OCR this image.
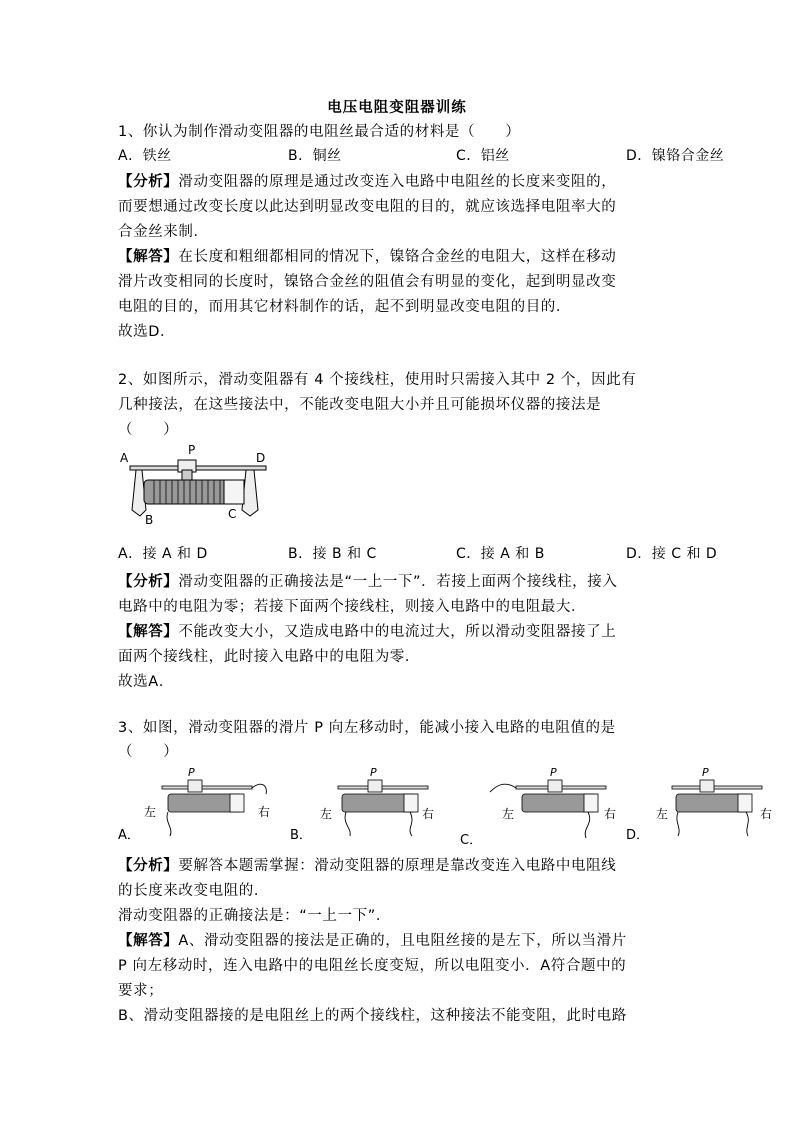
电压电阻变阻器训练
1、你认为制作滑动变阻器的电阻丝最合适的材料是（　　）
A．铁丝	B．铜丝	C．铝丝	D．镍铬合金丝
【分析】滑动变阻器的原理是通过改变连入电路中电阻丝的长度来变阻的，
而要想通过改变长度以此达到明显改变电阻的目的，就应该选择电阻率大的
合金丝来制．
【解答】在长度和粗细都相同的情况下，镍铬合金丝的电阻大，这样在移动
滑片改变相同的长度时，镍铬合金丝的阻值会有明显的变化，起到明显改变
电阻的目的，而用其它材料制作的话，起不到明显改变电阻的目的．
故选D．
2、如图所示，滑动变阻器有 4 个接线柱，使用时只需接入其中 2 个，因此有
几种接法，在这些接法中，不能改变电阻大小并且可能损坏仪器的接法是
（　　）
A
P
D
B	C
A．接 A 和 D	B．接 B 和 C	C．接 A 和 B	D．接 C 和 D
【分析】滑动变阻器的正确接法是“一上一下”．若接上面两个接线柱，接入
电路中的电阻为零；若接下面两个接线柱，则接入电路中的电阻最大．
【解答】不能改变大小，又造成电路中的电流过大，所以滑动变阻器接了上
面两个接线柱，此时接入电路中的电阻为零．
故选A．
3、如图，滑动变阻器的滑片 P 向左移动时，能减小接入电路的电阻值的是
（　　）
A．
左	右
P
B．
左	右
P
C．
左	右
P
D．
左	右
P
【分析】要解答本题需掌握：滑动变阻器的原理是靠改变连入电路中电阻线
的长度来改变电阻的．
滑动变阻器的正确接法是：“一上一下”．
【解答】A、滑动变阻器的接法是正确的，且电阻丝接的是左下，所以当滑片
P 向左移动时，连入电路中的电阻丝长度变短，所以电阻变小．A符合题中的
要求；
B、滑动变阻器接的是电阻丝上的两个接线柱，这种接法不能变阻，此时电路
